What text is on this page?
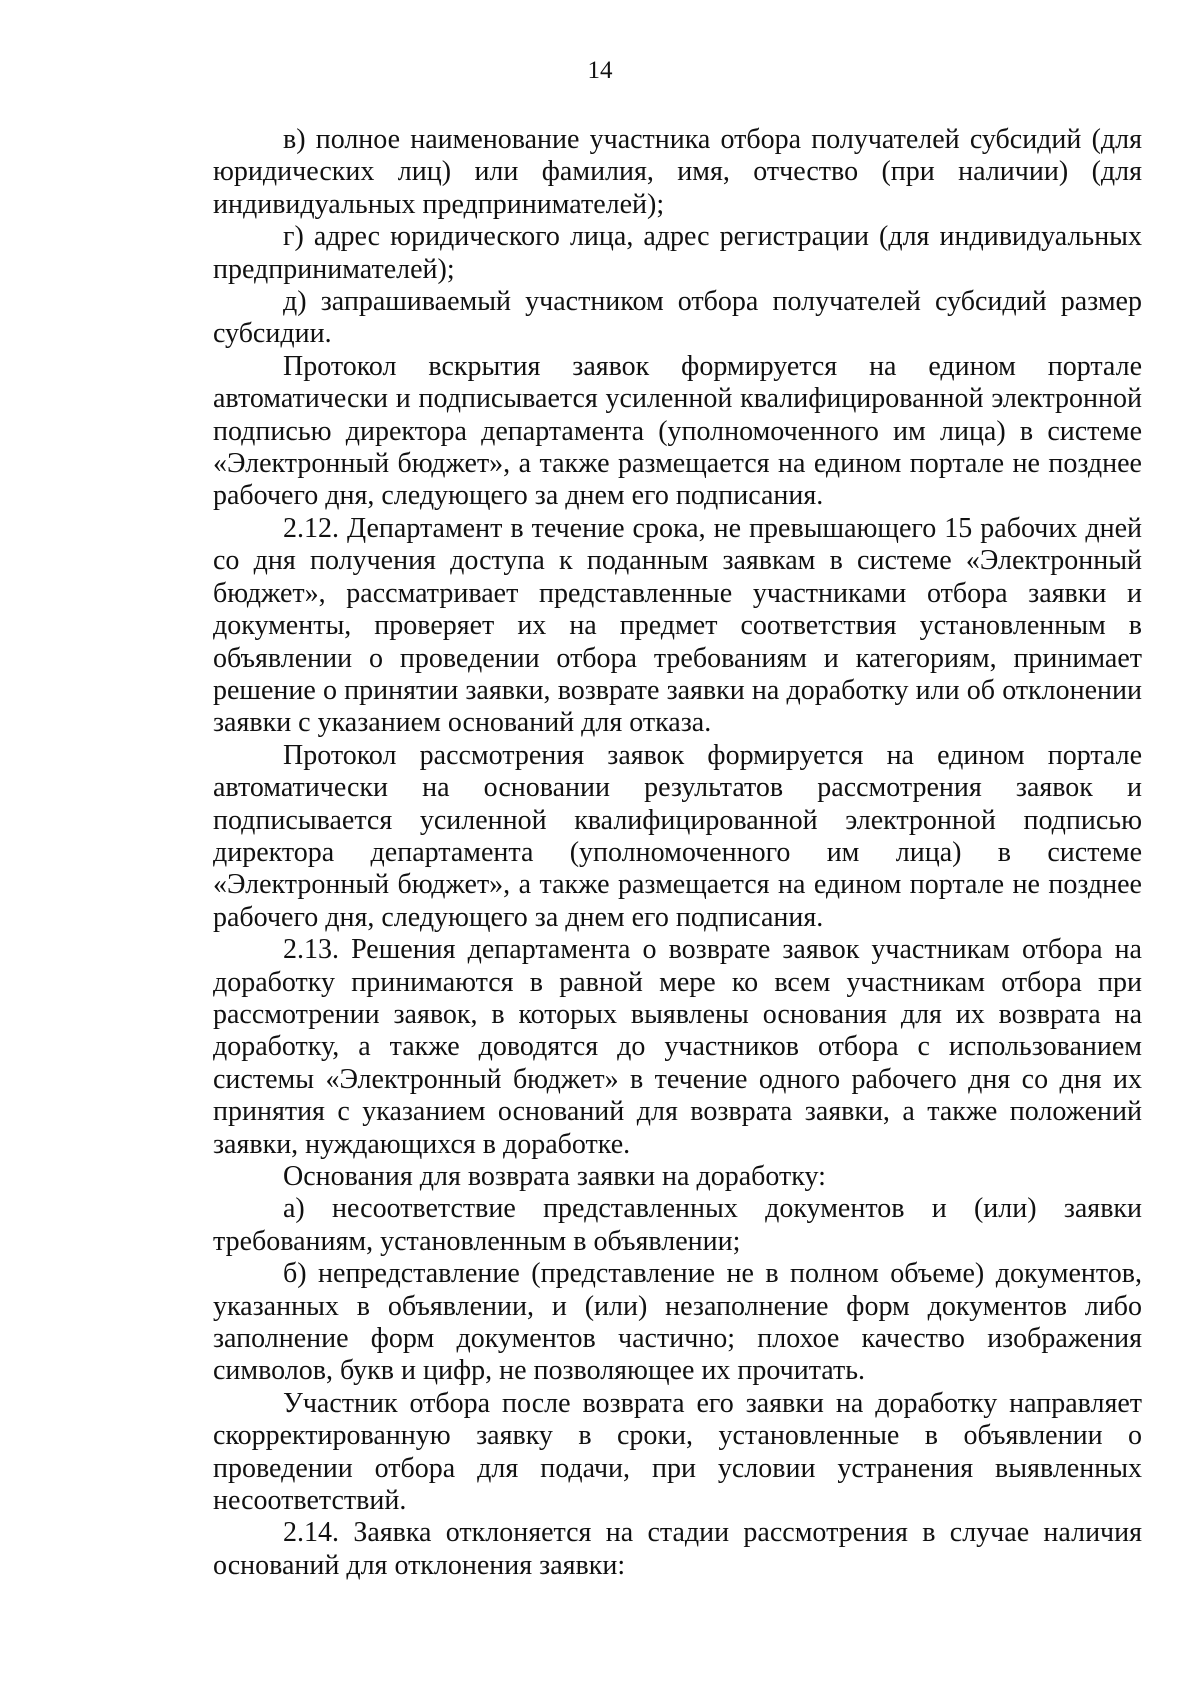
14

в) полное наименование участника отбора получателей субсидий (для юридических лиц) или фамилия, имя, отчество (при наличии) (для индивидуальных предпринимателей);

г) адрес юридического лица, адрес регистрации (для индивидуальных предпринимателей);

д) запрашиваемый участником отбора получателей субсидий размер субсидии.

Протокол вскрытия заявок формируется на едином портале автоматически и подписывается усиленной квалифицированной электронной подписью директора департамента (уполномоченного им лица) в системе «Электронный бюджет», а также размещается на едином портале не позднее рабочего дня, следующего за днем его подписания.

2.12. Департамент в течение срока, не превышающего 15 рабочих дней со дня получения доступа к поданным заявкам в системе «Электронный бюджет», рассматривает представленные участниками отбора заявки и документы, проверяет их на предмет соответствия установленным в объявлении о проведении отбора требованиям и категориям, принимает решение о принятии заявки, возврате заявки на доработку или об отклонении заявки с указанием оснований для отказа.

Протокол рассмотрения заявок формируется на едином портале автоматически на основании результатов рассмотрения заявок и подписывается усиленной квалифицированной электронной подписью директора департамента (уполномоченного им лица) в системе «Электронный бюджет», а также размещается на едином портале не позднее рабочего дня, следующего за днем его подписания.

2.13. Решения департамента о возврате заявок участникам отбора на доработку принимаются в равной мере ко всем участникам отбора при рассмотрении заявок, в которых выявлены основания для их возврата на доработку, а также доводятся до участников отбора с использованием системы «Электронный бюджет» в течение одного рабочего дня со дня их принятия с указанием оснований для возврата заявки, а также положений заявки, нуждающихся в доработке.

Основания для возврата заявки на доработку:

а) несоответствие представленных документов и (или) заявки требованиям, установленным в объявлении;

б) непредставление (представление не в полном объеме) документов, указанных в объявлении, и (или) незаполнение форм документов либо заполнение форм документов частично; плохое качество изображения символов, букв и цифр, не позволяющее их прочитать.

Участник отбора после возврата его заявки на доработку направляет скорректированную заявку в сроки, установленные в объявлении о проведении отбора для подачи, при условии устранения выявленных несоответствий.

2.14. Заявка отклоняется на стадии рассмотрения в случае наличия оснований для отклонения заявки:
